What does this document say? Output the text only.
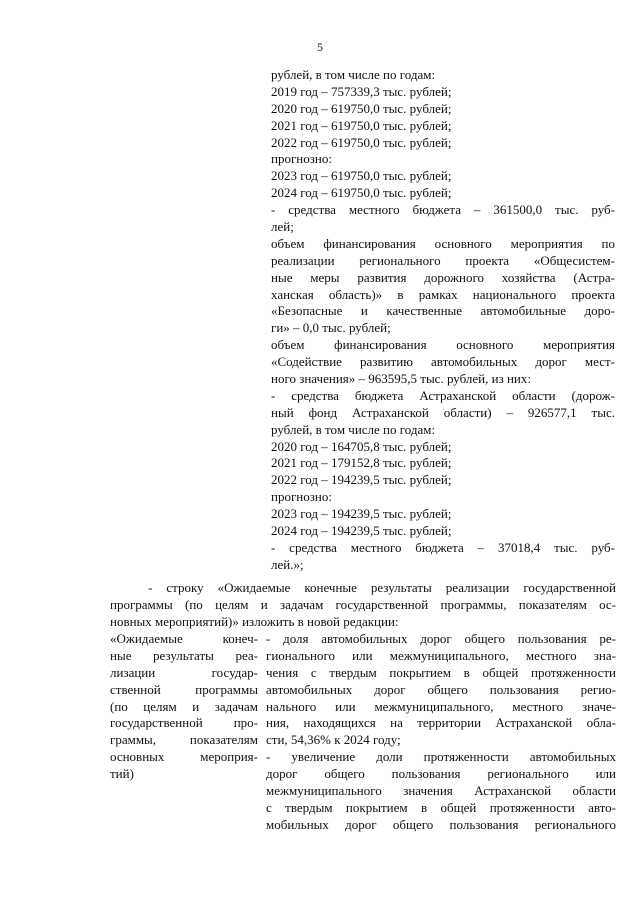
5
рублей, в том числе по годам:
2019 год – 757339,3 тыс. рублей;
2020 год – 619750,0 тыс. рублей;
2021 год – 619750,0 тыс. рублей;
2022 год – 619750,0 тыс. рублей;
прогнозно:
2023 год – 619750,0 тыс. рублей;
2024 год – 619750,0 тыс. рублей;
- средства местного бюджета – 361500,0 тыс. руб-
лей;
объем финансирования основного мероприятия по
реализации регионального проекта «Общесистем-
ные меры развития дорожного хозяйства (Астра-
ханская область)» в рамках национального проекта
«Безопасные и качественные автомобильные доро-
ги» – 0,0 тыс. рублей;
объем финансирования основного мероприятия
«Содействие развитию автомобильных дорог мест-
ного значения» – 963595,5 тыс. рублей, из них:
- средства бюджета Астраханской области (дорож-
ный фонд Астраханской области) – 926577,1 тыс.
рублей, в том числе по годам:
2020 год – 164705,8 тыс. рублей;
2021 год – 179152,8 тыс. рублей;
2022 год – 194239,5 тыс. рублей;
прогнозно:
2023 год – 194239,5 тыс. рублей;
2024 год – 194239,5 тыс. рублей;
- средства местного бюджета – 37018,4 тыс. руб-
лей.»;
- строку «Ожидаемые конечные результаты реализации государственной
программы (по целям и задачам государственной программы, показателям ос-
новных мероприятий)» изложить в новой редакции:
«Ожидаемые конеч-
ные результаты реа-
лизации государ-
ственной программы
(по целям и задачам
государственной про-
граммы, показателям
основных мероприя-
тий)
- доля автомобильных дорог общего пользования ре-
гионального или межмуниципального, местного зна-
чения с твердым покрытием в общей протяженности
автомобильных дорог общего пользования регио-
нального или межмуниципального, местного значе-
ния, находящихся на территории Астраханской обла-
сти, 54,36% к 2024 году;
- увеличение доли протяженности автомобильных
дорог общего пользования регионального или
межмуниципального значения Астраханской области
с твердым покрытием в общей протяженности авто-
мобильных дорог общего пользования регионального
